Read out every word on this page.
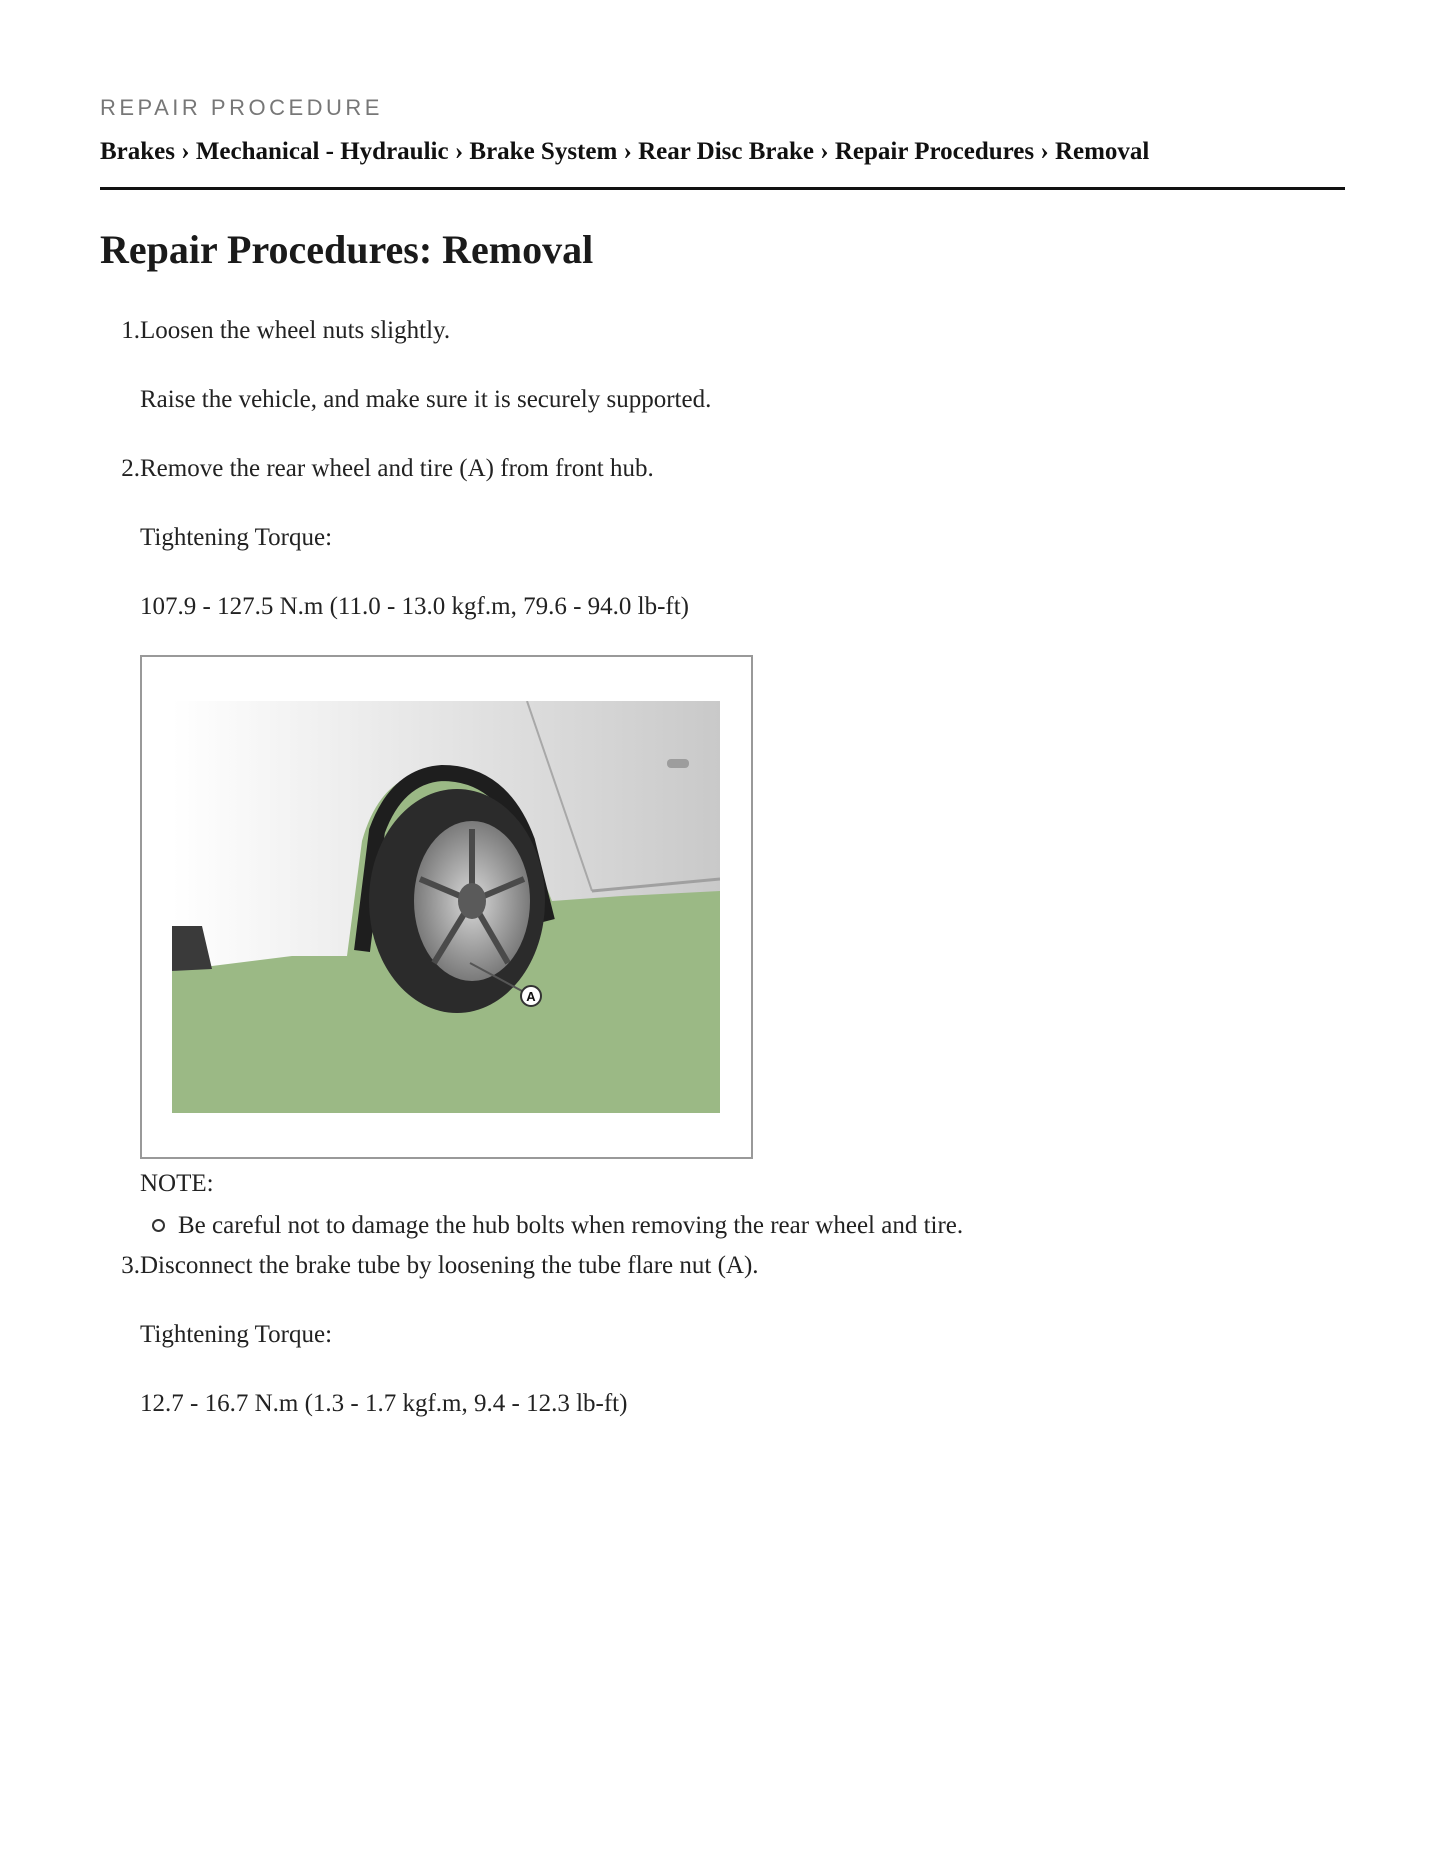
REPAIR PROCEDURE
Brakes › Mechanical - Hydraulic › Brake System › Rear Disc Brake › Repair Procedures › Removal
Repair Procedures: Removal
1. Loosen the wheel nuts slightly.
Raise the vehicle, and make sure it is securely supported.
2. Remove the rear wheel and tire (A) from front hub.
Tightening Torque:
107.9 - 127.5 N.m (11.0 - 13.0 kgf.m, 79.6 - 94.0 lb-ft)
A
NOTE:
Be careful not to damage the hub bolts when removing the rear wheel and tire.
3. Disconnect the brake tube by loosening the tube flare nut (A).
Tightening Torque:
12.7 - 16.7 N.m (1.3 - 1.7 kgf.m, 9.4 - 12.3 lb-ft)
